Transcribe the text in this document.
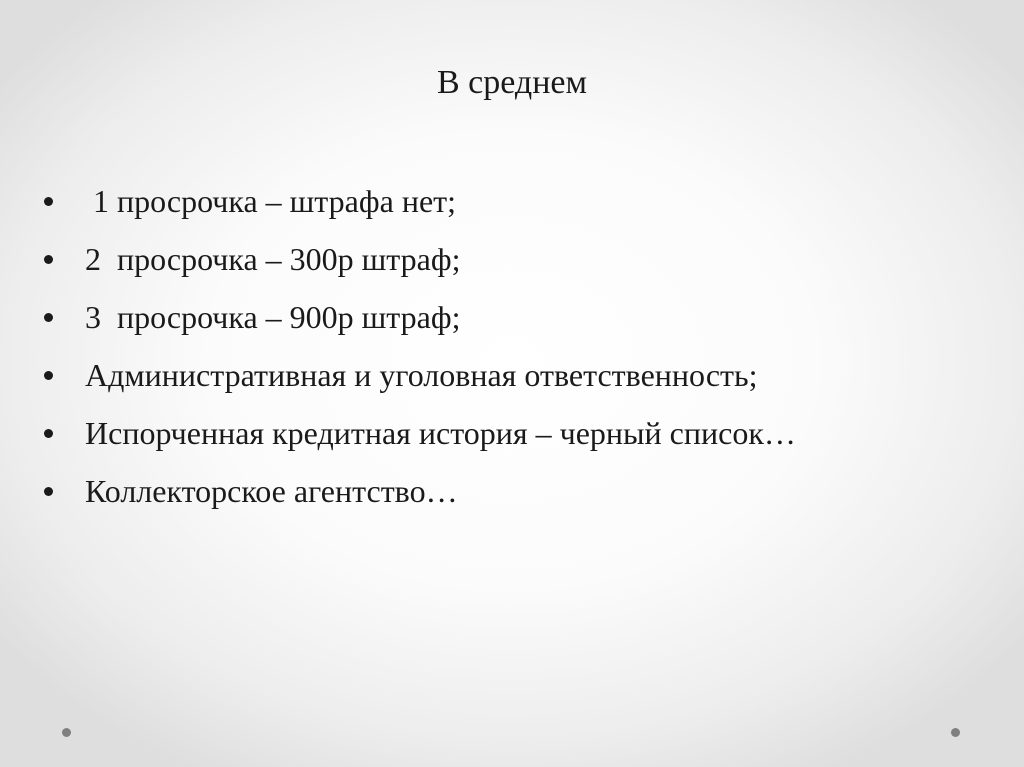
В среднем

1 просрочка – штрафа нет;

2  просрочка – 300р штраф;

3  просрочка – 900р штраф;

Административная и уголовная ответственность;

Испорченная кредитная история – черный список…

Коллекторское агентство…
